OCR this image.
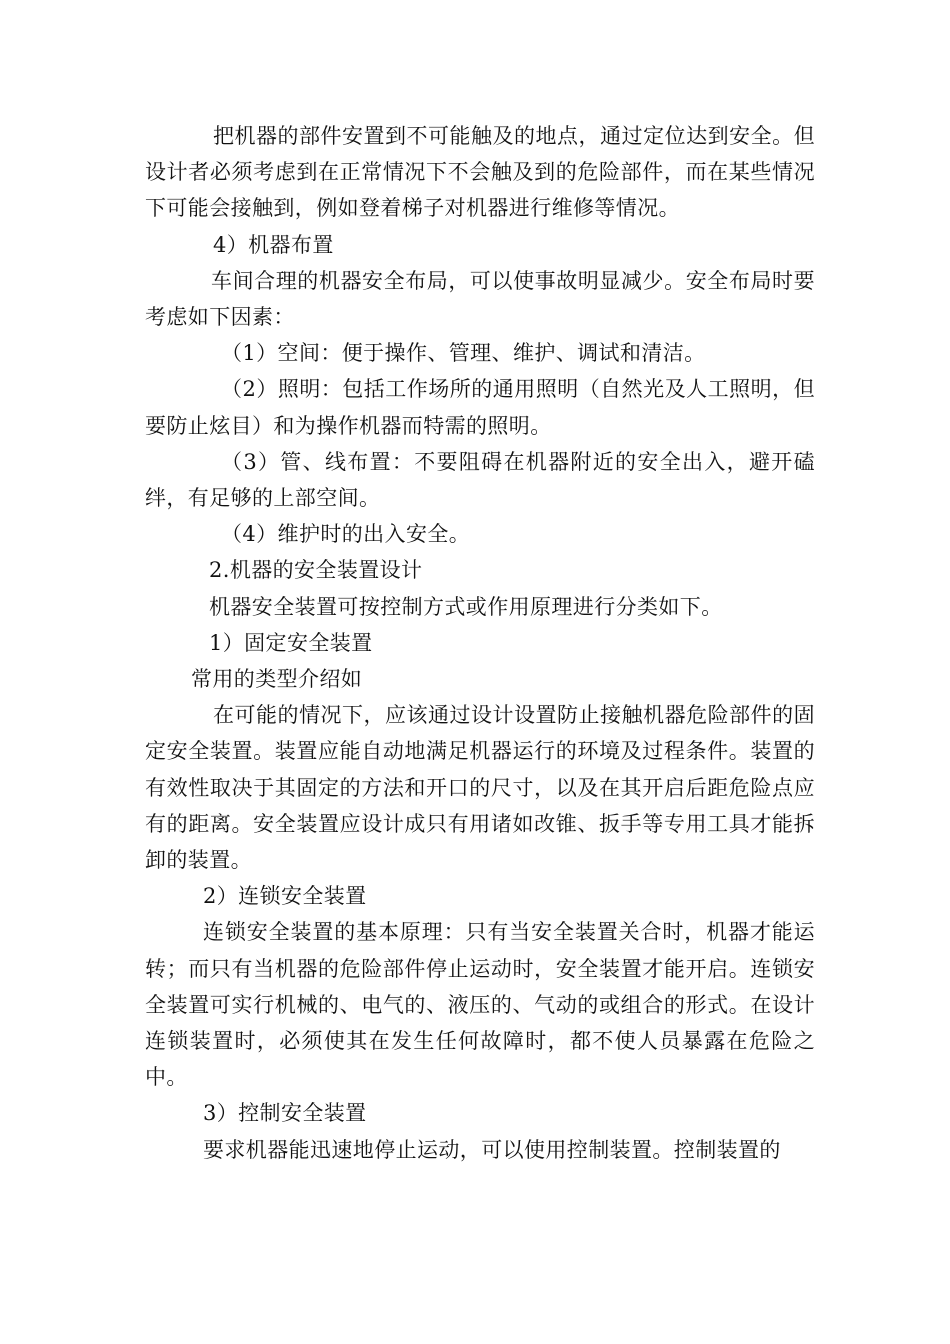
把机器的部件安置到不可能触及的地点，通过定位达到安全。但设计者必须考虑到在正常情况下不会触及到的危险部件，而在某些情况下可能会接触到，例如登着梯子对机器进行维修等情况。

4）机器布置

车间合理的机器安全布局，可以使事故明显减少。安全布局时要考虑如下因素：

（1）空间：便于操作、管理、维护、调试和清洁。

（2）照明：包括工作场所的通用照明（自然光及人工照明，但要防止炫目）和为操作机器而特需的照明。

（3）管、线布置：不要阻碍在机器附近的安全出入，避开磕绊，有足够的上部空间。

（4）维护时的出入安全。

2.机器的安全装置设计

机器安全装置可按控制方式或作用原理进行分类如下。

1）固定安全装置

常用的类型介绍如

在可能的情况下，应该通过设计设置防止接触机器危险部件的固定安全装置。装置应能自动地满足机器运行的环境及过程条件。装置的有效性取决于其固定的方法和开口的尺寸，以及在其开启后距危险点应有的距离。安全装置应设计成只有用诸如改锥、扳手等专用工具才能拆卸的装置。

2）连锁安全装置

连锁安全装置的基本原理：只有当安全装置关合时，机器才能运转；而只有当机器的危险部件停止运动时，安全装置才能开启。连锁安全装置可实行机械的、电气的、液压的、气动的或组合的形式。在设计连锁装置时，必须使其在发生任何故障时，都不使人员暴露在危险之中。

3）控制安全装置

要求机器能迅速地停止运动，可以使用控制装置。控制装置的
